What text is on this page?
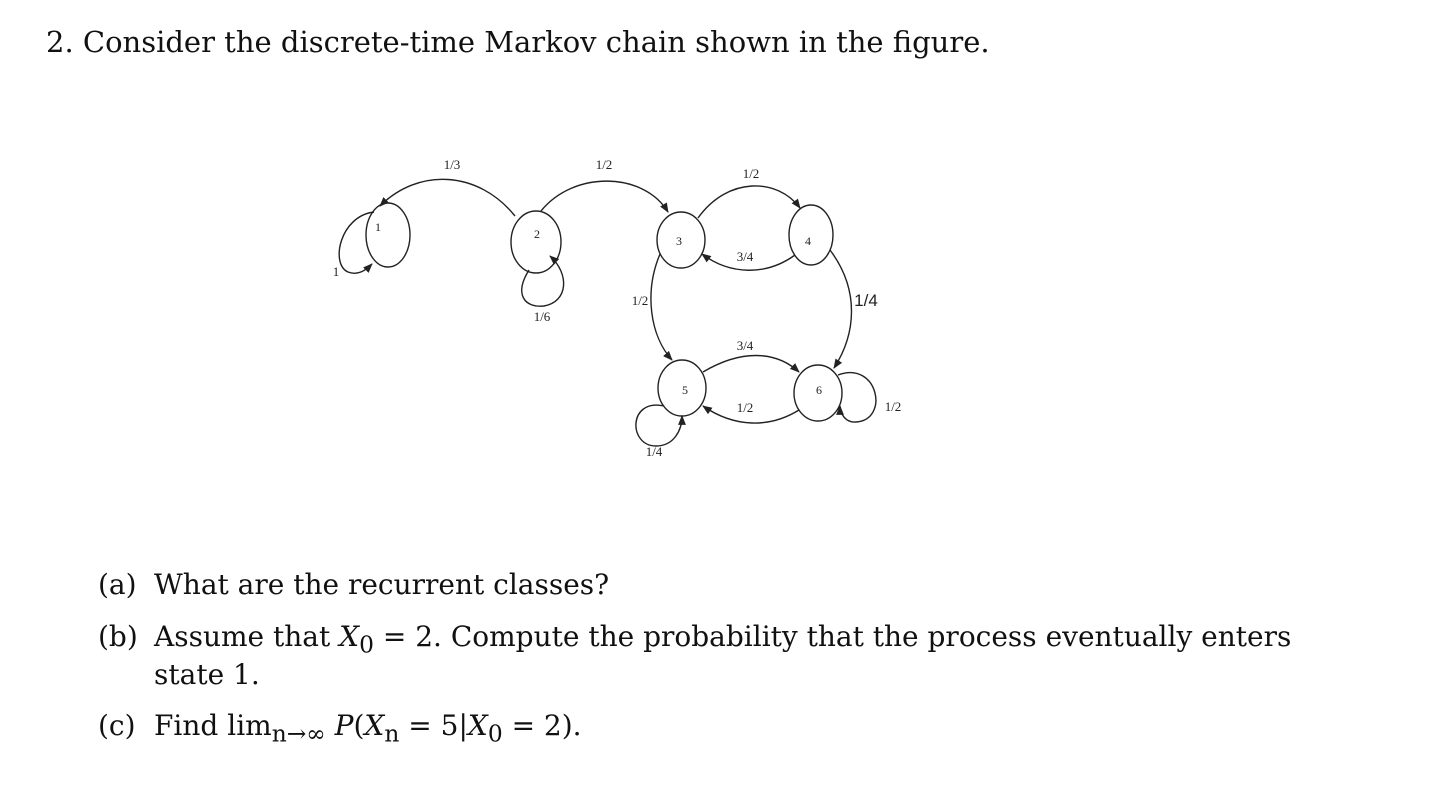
2. Consider the discrete-time Markov chain shown in the figure.
1	2	3	4
5	6
1
1/3	1/2
1/6
1/2
3/4
1/2	1/4
3/4
1/2
1/4
1/2
(a) What are the recurrent classes?
(b) Assume that $X_0 = 2$. Compute the probability that the process eventually enters
state 1.
(c) Find $\lim_{n\to\infty} P(X_n = 5|X_0 = 2)$.
